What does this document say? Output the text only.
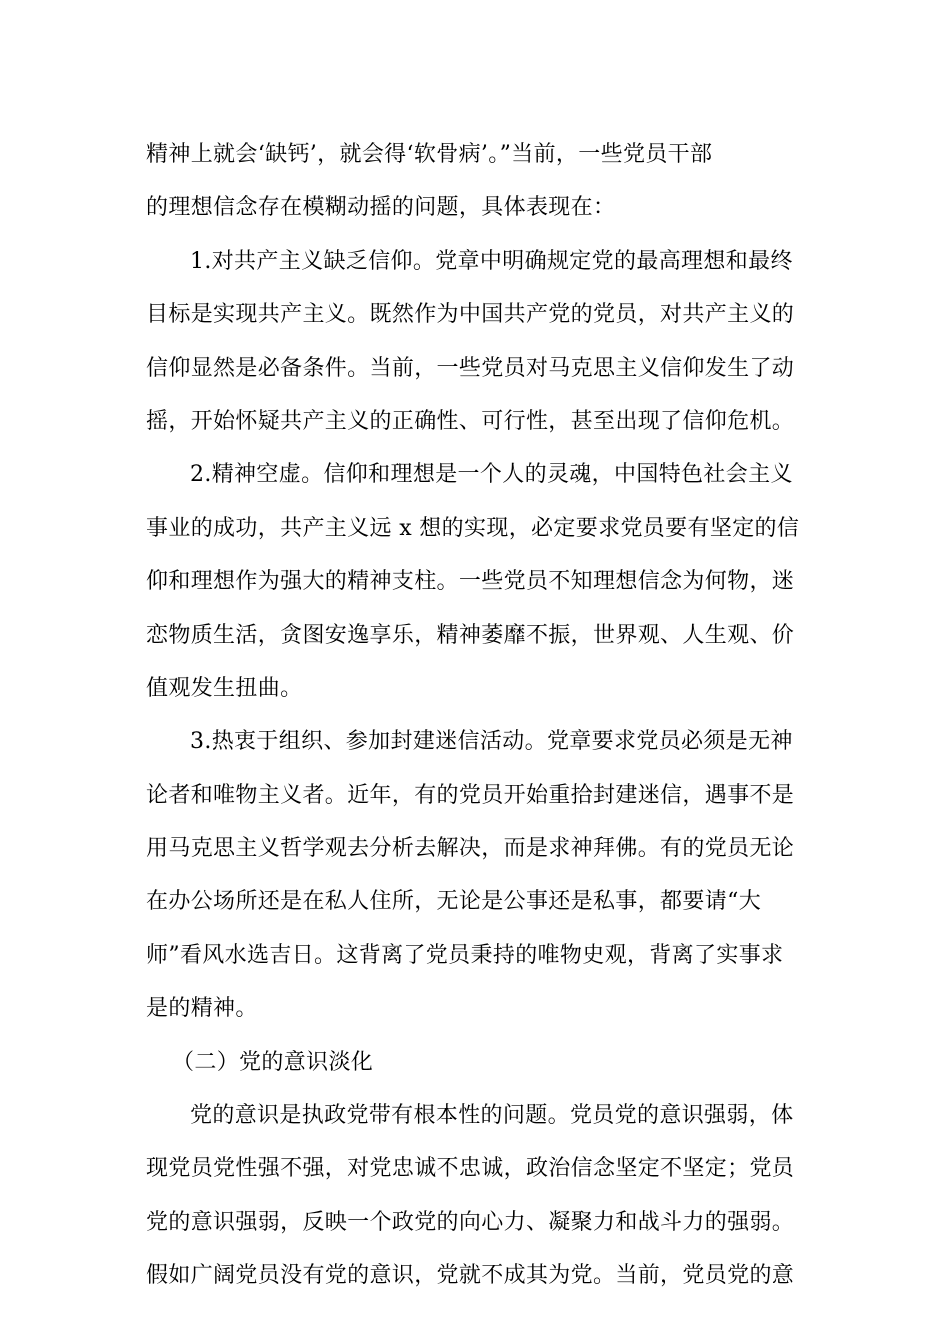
精神上就会‘缺钙’，就会得‘软骨病’。”当前，一些党员干部
的理想信念存在模糊动摇的问题，具体表现在：
1.对共产主义缺乏信仰。党章中明确规定党的最高理想和最终
目标是实现共产主义。既然作为中国共产党的党员，对共产主义的
信仰显然是必备条件。当前，一些党员对马克思主义信仰发生了动
摇，开始怀疑共产主义的正确性、可行性，甚至出现了信仰危机。
2.精神空虚。信仰和理想是一个人的灵魂，中国特色社会主义
事业的成功，共产主义远 x 想的实现，必定要求党员要有坚定的信
仰和理想作为强大的精神支柱。一些党员不知理想信念为何物，迷
恋物质生活，贪图安逸享乐，精神萎靡不振，世界观、人生观、价
值观发生扭曲。
3.热衷于组织、参加封建迷信活动。党章要求党员必须是无神
论者和唯物主义者。近年，有的党员开始重拾封建迷信，遇事不是
用马克思主义哲学观去分析去解决，而是求神拜佛。有的党员无论
在办公场所还是在私人住所，无论是公事还是私事，都要请“大
师”看风水选吉日。这背离了党员秉持的唯物史观，背离了实事求
是的精神。
（二）党的意识淡化
党的意识是执政党带有根本性的问题。党员党的意识强弱，体
现党员党性强不强，对党忠诚不忠诚，政治信念坚定不坚定；党员
党的意识强弱，反映一个政党的向心力、凝聚力和战斗力的强弱。
假如广阔党员没有党的意识，党就不成其为党。当前，党员党的意
